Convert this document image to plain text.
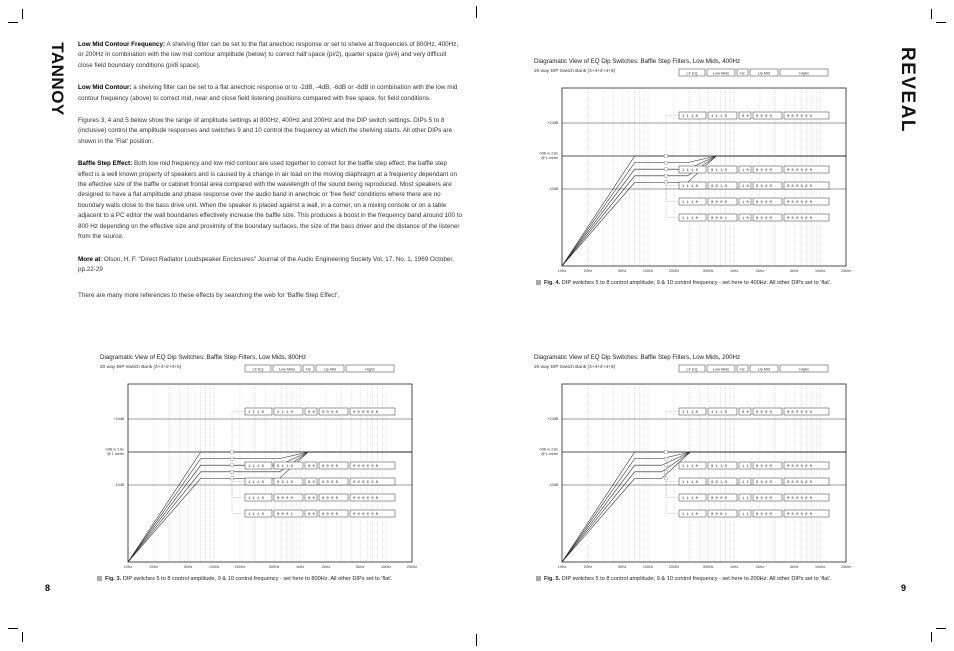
TANNOY	REVEAL

Low Mid Contour Frequency: A shelving filter can be set to the flat anechoic response or set to shelve at frequencies of 800Hz, 400Hz, or 200Hz in combination with the low mid contour amplitude (below) to correct half space (pi/2), quarter space (pi/4) and very difficult close field boundary conditions (pi/8 space).

Low Mid Contour: a shelving filter can be set to a flat anechoic response or to -2dB, -4dB, -6dB or -8dB in combination with the low mid contour frequency (above) to correct mid, near and close field listening positions compared with free space, for field conditions.

Figures 3, 4 and 5 below show the range of amplitude settings at 800Hz, 400Hz and 200Hz and the DIP switch settings. DIPs 5 to 8 (inclusive) control the amplitude responses and switches 9 and 10 control the frequency at which the shelving starts. All other DIPs are shown in the 'Flat' position.

Baffle Step Effect: Both low mid frequency and low mid contour are used together to correct for the baffle step effect. the baffle step effect is a well known property of speakers and is caused by a change in air load on the moving diaphragm at a frequency dependant on the effective size of the baffle or cabinet frontal area compared with the wavelength of the sound being reproduced. Most speakers are designed to have a flat amplitude and phase response over the audio band in anechoic or 'free field' conditions where there are no boundary walls close to the bass drive unit. When the speaker is placed against a wall, in a corner, on a mixing console or on a table adjacent to a PC editor the wall boundaries effectively increase the baffle size. This produces a boost in the frequency band around 100 to 800 Hz depending on the effective size and proximity of the boundary surfaces, the size of the bass driver and the distance of the listener from the source.

More at: Olson, H. F. "Direct Radiator Loudspeaker Enclosures" Journal of the Audio Engineering Society Vol. 17, No. 1, 1969 October, pp.22-29

There are many more references to these effects by searching the web for 'Baffle Step Effect'.

Diagramatic View of EQ Dip Switches: Baffle Step Filters, Low Mids, 800Hz
20 way DIP Switch Bank (4+4+2+4+6)	LF EQ	Low Mids	Hz	Up Mid	Highs
+10dB
0dB re 2.8v
@ 1 metre
-10dB
10Hz	20Hz	50Hz	100Hz	200Hz	500Hz	1kHz	2kHz	5kHz	10kHz	20kHz
1 1 1 0	1 1 1 0	0 0 0 0 0 0	0 0 0 0 0 0
1 1 1 0	0 1 1 0	0 0 0 0 0 0	0 0 0 0 0 0
1 1 1 0	0 0 1 0	0 0 0 0 0 0	0 0 0 0 0 0
1 1 1 0	0 0 0 0	0 0 0 0 0 0	0 0 0 0 0 0
1 1 1 0	0 0 0 1	0 0 0 0 0 0	0 0 0 0 0 0
Diagramatic View of EQ Dip Switches: Baffle Step Filters, Low Mids, 400Hz
20 way DIP Switch Bank (4+4+2+4+6)	LF EQ	Low Mids	Hz	Up Mid	Highs
+10dB
0dB re 2.8v
@ 1 metre
-10dB
10Hz	20Hz	50Hz	100Hz	200Hz	500Hz	1kHz	2kHz	5kHz	10kHz	20kHz
1 1 1 0	1 1 1 0	0 0 0 0 0 0	0 0 0 0 0 0
1 1 1 0	0 1 1 0	1 0 0 0 0 0	0 0 0 0 0 0
1 1 1 0	0 0 1 0	1 0 0 0 0 0	0 0 0 0 0 0
1 1 1 0	0 0 0 0	1 0 0 0 0 0	0 0 0 0 0 0
1 1 1 0	0 0 0 1	1 0 0 0 0 0	0 0 0 0 0 0
Diagramatic View of EQ Dip Switches: Baffle Step Filters, Low Mids, 200Hz
20 way DIP Switch Bank (4+4+2+4+6)	LF EQ	Low Mids	Hz	Up Mid	Highs
+10dB
0dB re 2.8v
@ 1 metre
-10dB
10Hz	20Hz	50Hz	100Hz	200Hz	500Hz	1kHz	2kHz	5kHz	10kHz	20kHz
1 1 1 0	1 1 1 0	0 0 0 0 0 0	0 0 0 0 0 0
1 1 1 0	0 1 1 0	1 1 0 0 0 0	0 0 0 0 0 0
1 1 1 0	0 0 1 0	1 1 0 0 0 0	0 0 0 0 0 0
1 1 1 0	0 0 0 0	1 1 0 0 0 0	0 0 0 0 0 0
1 1 1 0	0 0 0 1	1 1 0 0 0 0	0 0 0 0 0 0
Fig. 4. DIP switches 5 to 8 control amplitude, 9 & 10 control frequency - set here to 400Hz. All other DIPs set to 'flat'.
Fig. 3. DIP switches 5 to 8 control amplitude, 9 & 10 control frequency - set here to 800Hz. All other DIPs set to 'flat'.	Fig. 5. DIP switches 5 to 8 control amplitude, 9 & 10 control frequency - set here to 200Hz. All other DIPs set to 'flat'.
8	9
